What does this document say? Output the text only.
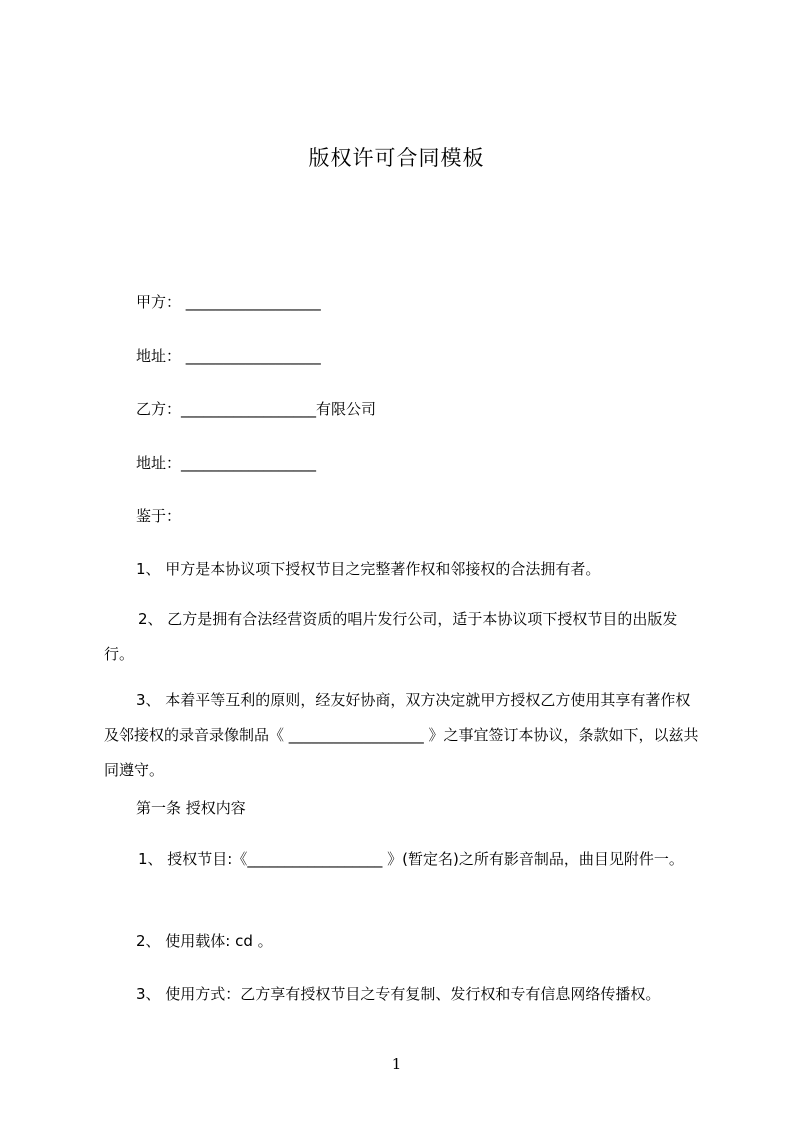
版权许可合同模板
甲方： __________________
地址： __________________
乙方：__________________有限公司
地址：__________________
鉴于：
1、 甲方是本协议项下授权节目之完整著作权和邻接权的合法拥有者。
2、 乙方是拥有合法经营资质的唱片发行公司，适于本协议项下授权节目的出版发行。
3、 本着平等互利的原则，经友好协商，双方决定就甲方授权乙方使用其享有著作权及邻接权的录音录像制品《 __________________ 》之事宜签订本协议，条款如下，以兹共同遵守。
第一条 授权内容
1、 授权节目:《__________________ 》(暂定名)之所有影音制品，曲目见附件一。
2、 使用载体: cd 。
3、 使用方式：乙方享有授权节目之专有复制、发行权和专有信息网络传播权。
1
